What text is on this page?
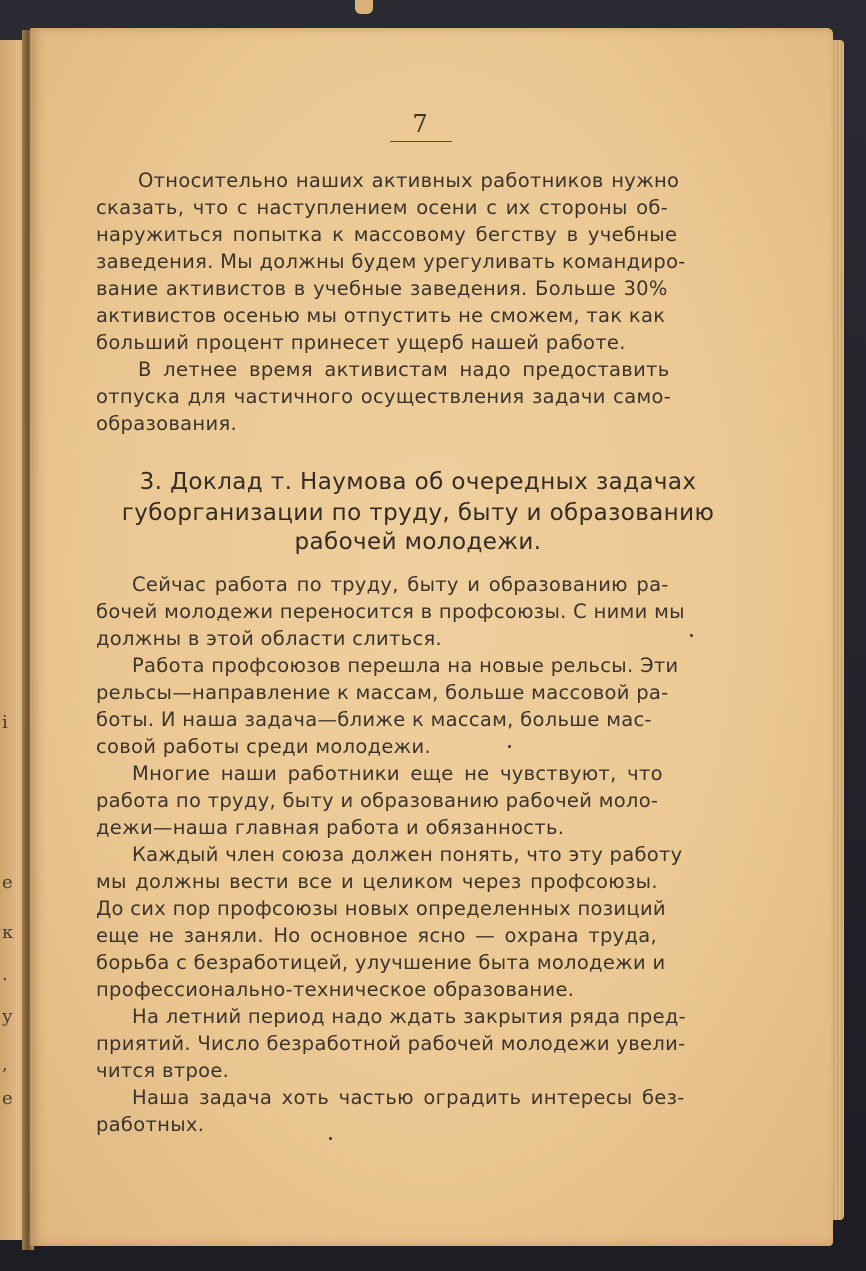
і
е
к
.
у
,
е
7
Относительно наших активных работников нужно
сказать, что с наступлением осени с их стороны об-
наружиться попытка к массовому бегству в учебные
заведения. Мы должны будем урегуливать командиро-
вание активистов в учебные заведения. Больше 30%
активистов осенью мы отпустить не сможем, так как
больший процент принесет ущерб нашей работе.
В летнее время активистам надо предоставить
отпуска для частичного осуществления задачи само-
образования.
3. Доклад т. Наумова об очередных задачах
губорганизации по труду, быту и образованию
рабочей молодежи.
Сейчас работа по труду, быту и образованию ра-
бочей молодежи переносится в профсоюзы. С ними мы
должны в этой области слиться.
Работа профсоюзов перешла на новые рельсы. Эти
рельсы—направление к массам, больше массовой ра-
боты. И наша задача—ближе к массам, больше мас-
совой работы среди молодежи.
Многие наши работники еще не чувствуют, что
работа по труду, быту и образованию рабочей моло-
дежи—наша главная работа и обязанность.
Каждый член союза должен понять, что эту работу
мы должны вести все и целиком через профсоюзы.
До сих пор профсоюзы новых определенных позиций
еще не заняли. Но основное ясно — охрана труда,
борьба с безработицей, улучшение быта молодежи и
профессионально-техническое образование.
На летний период надо ждать закрытия ряда пред-
приятий. Число безработной рабочей молодежи увели-
чится втрое.
Наша задача хоть частью оградить интересы без-
работных.
